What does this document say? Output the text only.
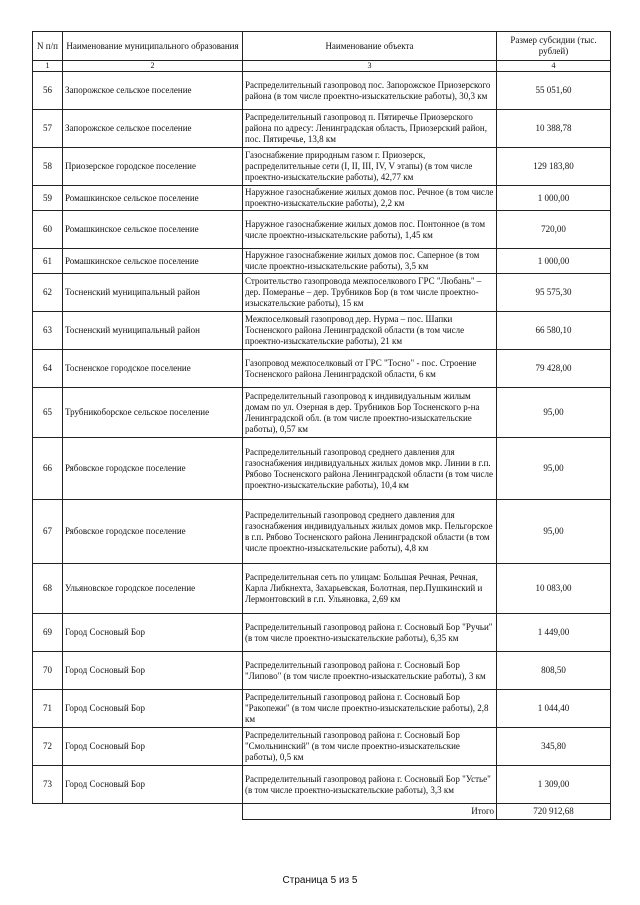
N п/п	Наименование муниципального образования	Наименование объекта	Размер субсидии (тыс. рублей)
1	2	3	4
56	Запорожское сельское поселение	Распределительный газопровод пос. Запорожское Приозерского района (в том числе проектно-изыскательские работы), 30,3 км	55 051,60
57	Запорожское сельское поселение	Распределительный газопровод п. Пятиречье Приозерского района по адресу: Ленинградская область, Приозерский район, пос. Пятиречье, 13,8 км	10 388,78
58	Приозерское городское поселение	Газоснабжение природным газом г. Приозерск, распределительные сети (I, II, III, IV, V этапы) (в том числе проектно-изыскательские работы), 42,77 км	129 183,80
59	Ромашкинское сельское поселение	Наружное газоснабжение жилых домов пос. Речное (в том числе проектно-изыскательские работы), 2,2 км	1 000,00
60	Ромашкинское сельское поселение	Наружное газоснабжение жилых домов пос. Понтонное (в том числе проектно-изыскательские работы), 1,45 км	720,00
61	Ромашкинское сельское поселение	Наружное газоснабжение жилых домов пос. Саперное (в том числе проектно-изыскательские работы), 3,5 км	1 000,00
62	Тосненский муниципальный район	Строительство газопровода межпоселкового ГРС "Любань" – дер. Померанье – дер. Трубников Бор (в том числе проектно-изыскательские работы), 15 км	95 575,30
63	Тосненский муниципальный район	Межпоселковый газопровод дер. Нурма – пос. Шапки Тосненского района Ленинградской области (в том числе проектно-изыскательские работы), 21 км	66 580,10
64	Тосненское городское поселение	Газопровод межпоселковый от ГРС "Тосно" - пос. Строение Тосненского района Ленинградской области, 6 км	79 428,00
65	Трубникоборское сельское поселение	Распределительный газопровод к индивидуальным жилым домам по ул. Озерная в дер. Трубников Бор Тосненского р-на Ленинградской обл. (в том числе проектно-изыскательские работы), 0,57 км	95,00
66	Рябовское городское поселение	Распределительный газопровод среднего давления для газоснабжения индивидуальных жилых домов мкр. Линии в г.п. Рябово Тосненского района Ленинградской области (в том числе проектно-изыскательские работы), 10,4 км	95,00
67	Рябовское городское поселение	Распределительный газопровод среднего давления для газоснабжения индивидуальных жилых домов мкр. Пельгорское в г.п. Рябово Тосненского района Ленинградской области (в том числе проектно-изыскательские работы), 4,8 км	95,00
68	Ульяновское городское поселение	Распределительная сеть по улицам: Большая Речная, Речная, Карла Либкнехта, Захарьевская, Болотная, пер.Пушкинский и Лермонтовский в г.п. Ульяновка, 2,69 км	10 083,00
69	Город Сосновый Бор	Распределительный газопровод района г. Сосновый Бор "Ручьи" (в том числе проектно-изыскательские работы), 6,35 км	1 449,00
70	Город Сосновый Бор	Распределительный газопровод района г. Сосновый Бор "Липово" (в том числе проектно-изыскательские работы), 3 км	808,50
71	Город Сосновый Бор	Распределительный газопровод района г. Сосновый Бор "Ракопежи" (в том числе проектно-изыскательские работы), 2,8 км	1 044,40
72	Город Сосновый Бор	Распределительный газопровод района г. Сосновый Бор "Смольнинский" (в том числе проектно-изыскательские работы), 0,5 км	345,80
73	Город Сосновый Бор	Распределительный газопровод района г. Сосновый Бор "Устье" (в том числе проектно-изыскательские работы), 3,3 км	1 309,00
		Итого	720 912,68
Страница 5 из 5
